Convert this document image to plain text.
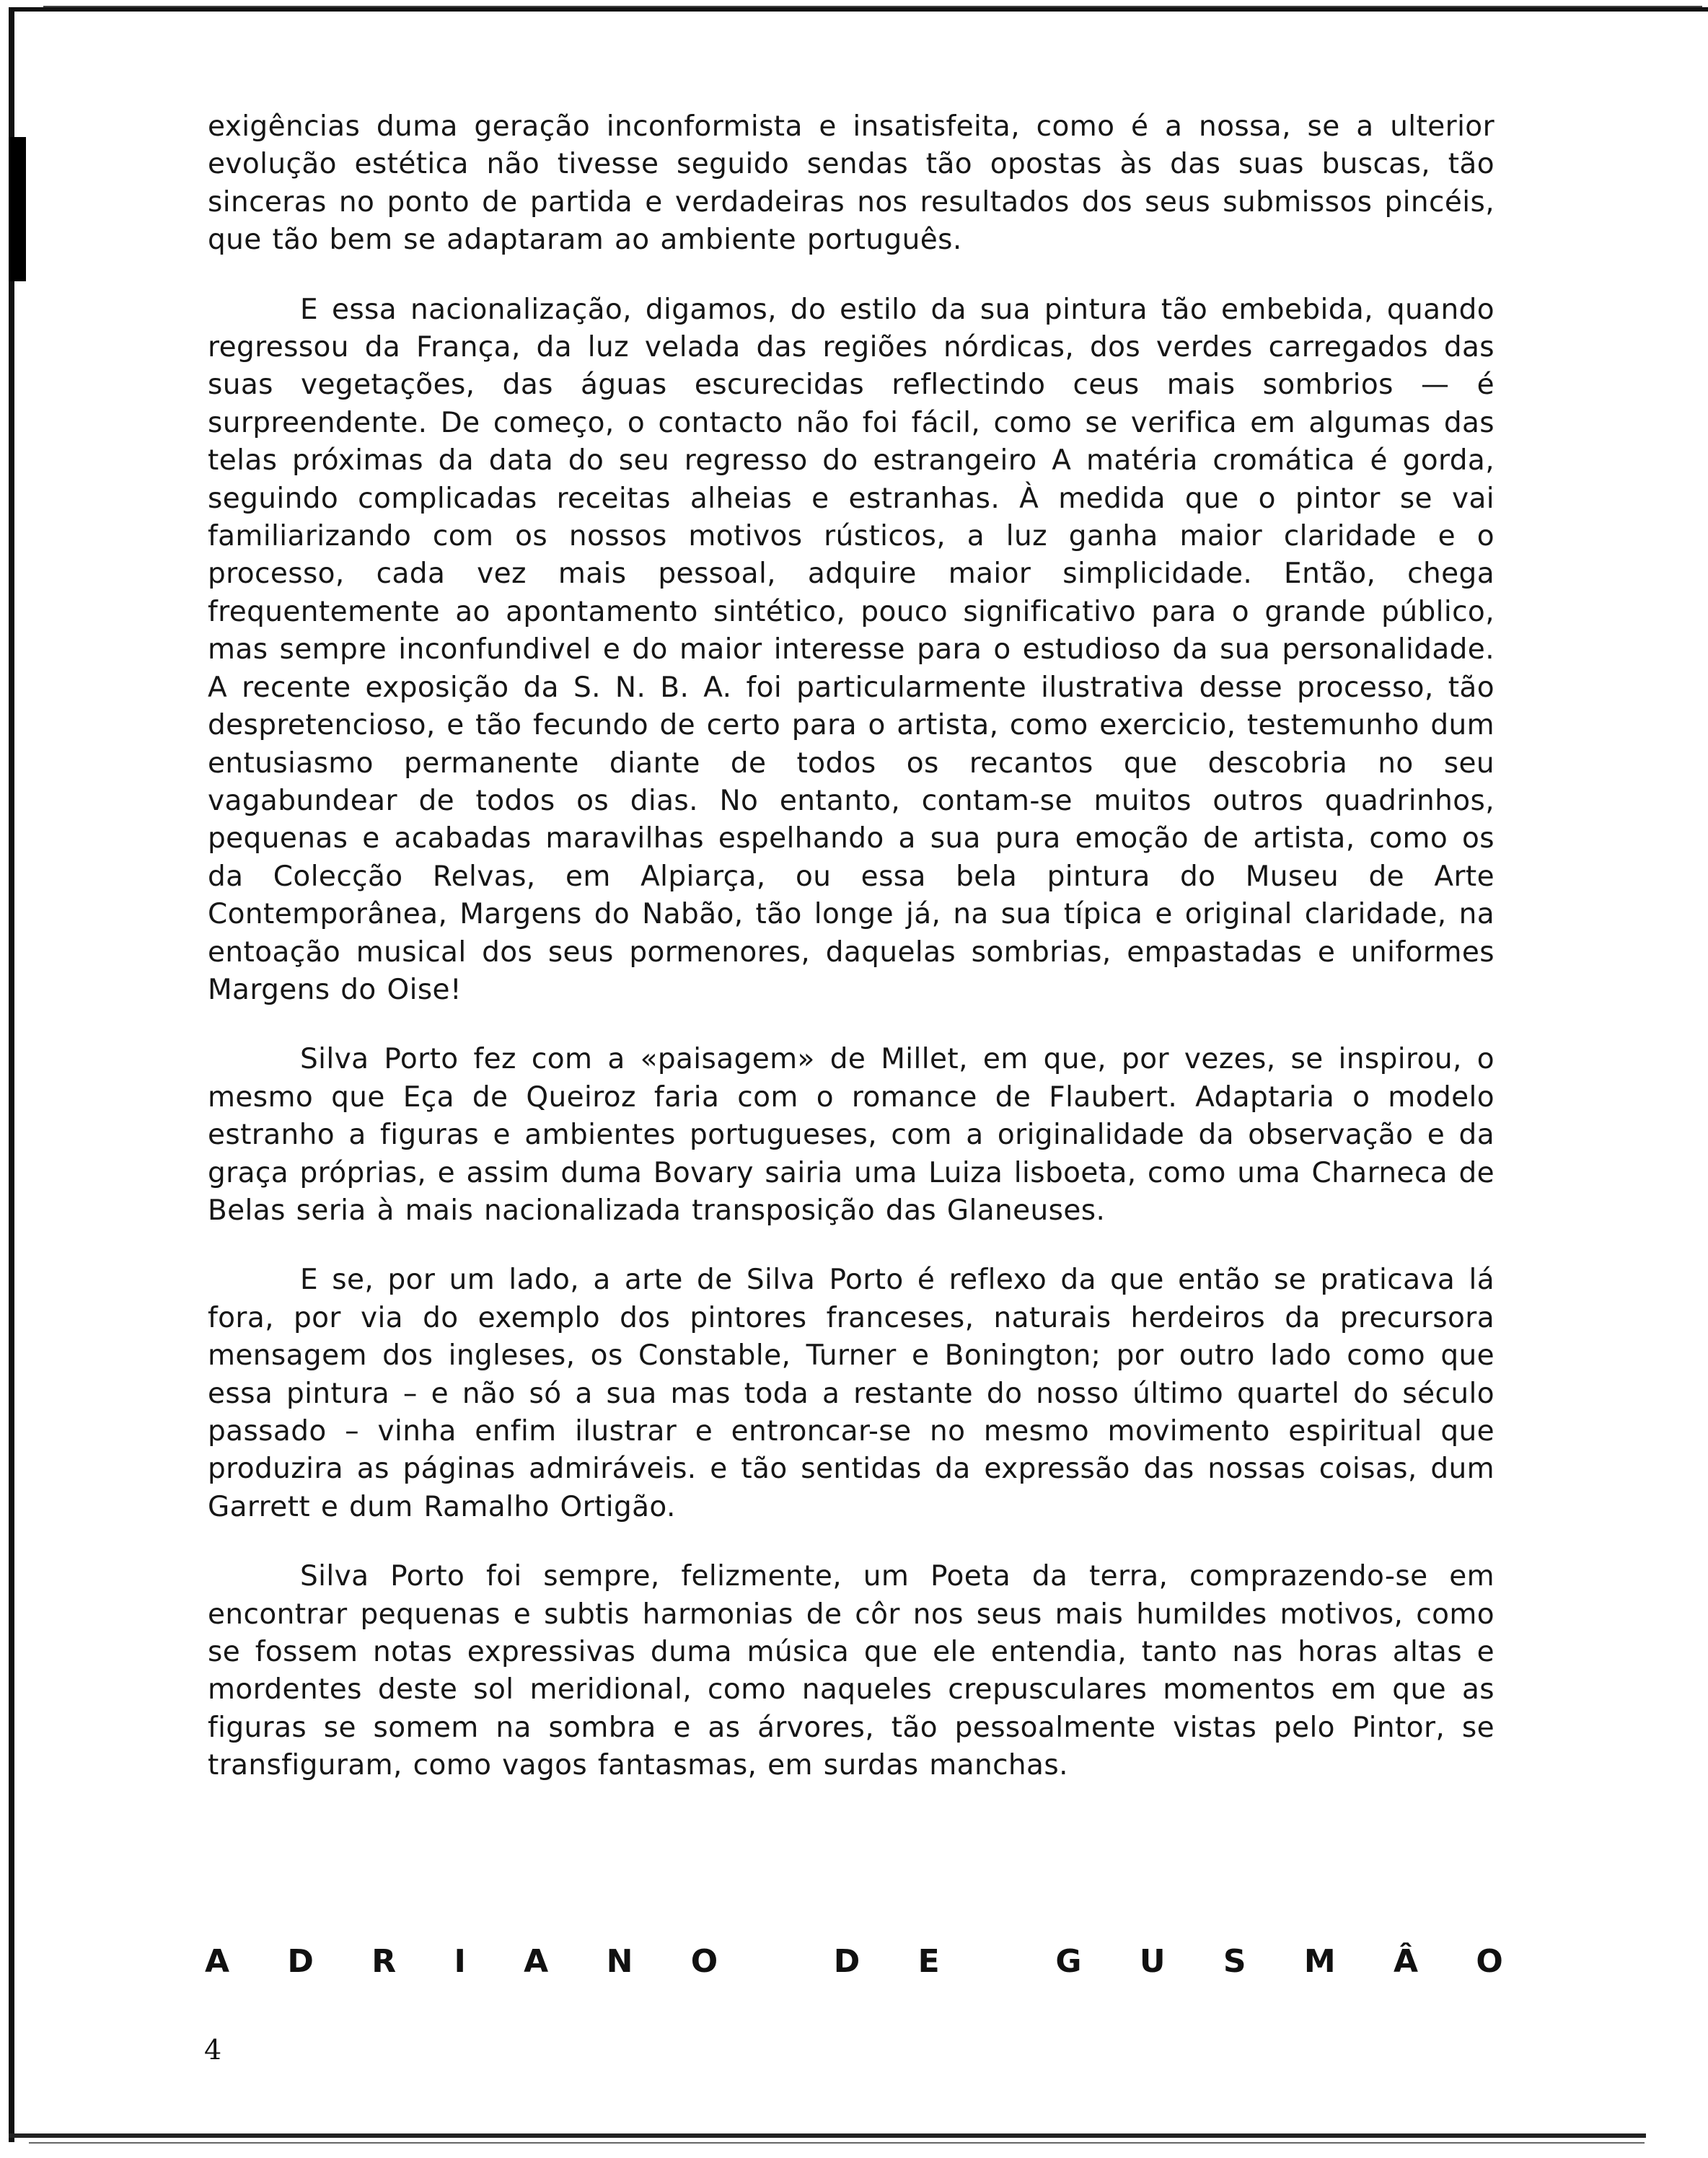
exigências duma geração inconformista e insatisfeita, como é a nossa, se a ulterior evolução estética não tivesse seguido sendas tão opostas às das suas buscas, tão sinceras no ponto de partida e verdadeiras nos resultados dos seus submissos pincéis, que tão bem se adaptaram ao ambiente português.

E essa nacionalização, digamos, do estilo da sua pintura tão embebida, quando regressou da França, da luz velada das regiões nórdicas, dos verdes carregados das suas vegetações, das águas escurecidas reflectindo ceus mais sombrios — é surpreendente. De começo, o contacto não foi fácil, como se verifica em algumas das telas próximas da data do seu regresso do estrangeiro A matéria cromática é gorda, seguindo complicadas receitas alheias e estranhas. À medida que o pintor se vai familiarizando com os nossos motivos rústicos, a luz ganha maior claridade e o processo, cada vez mais pessoal, adquire maior simplicidade. Então, chega frequentemente ao apontamento sintético, pouco significativo para o grande público, mas sempre inconfundivel e do maior interesse para o estudioso da sua personalidade. A recente exposição da S. N. B. A. foi particularmente ilustrativa desse processo, tão despretencioso, e tão fecundo de certo para o artista, como exercicio, testemunho dum entusiasmo permanente diante de todos os recantos que descobria no seu vagabundear de todos os dias. No entanto, contam-se muitos outros quadrinhos, pequenas e acabadas maravilhas espelhando a sua pura emoção de artista, como os da Colecção Relvas, em Alpiarça, ou essa bela pintura do Museu de Arte Contemporânea, Margens do Nabão, tão longe já, na sua típica e original claridade, na entoação musical dos seus pormenores, daquelas sombrias, empastadas e uniformes Margens do Oise!

Silva Porto fez com a «paisagem» de Millet, em que, por vezes, se inspirou, o mesmo que Eça de Queiroz faria com o romance de Flaubert. Adaptaria o modelo estranho a figuras e ambientes portugueses, com a originalidade da observação e da graça próprias, e assim duma Bovary sairia uma Luiza lisboeta, como uma Charneca de Belas seria à mais nacionalizada transposição das Glaneuses.

E se, por um lado, a arte de Silva Porto é reflexo da que então se praticava lá fora, por via do exemplo dos pintores franceses, naturais herdeiros da precursora mensagem dos ingleses, os Constable, Turner e Bonington; por outro lado como que essa pintura – e não só a sua mas toda a restante do nosso último quartel do século passado – vinha enfim ilustrar e entroncar-se no mesmo movimento espiritual que produzira as páginas admiráveis. e tão sentidas da expressão das nossas coisas, dum Garrett e dum Ramalho Ortigão.

Silva Porto foi sempre, felizmente, um Poeta da terra, comprazendo-se em encontrar pequenas e subtis harmonias de côr nos seus mais humildes motivos, como se fossem notas expressivas duma música que ele entendia, tanto nas horas altas e mordentes deste sol meridional, como naqueles crepusculares momentos em que as figuras se somem na sombra e as árvores, tão pessoalmente vistas pelo Pintor, se transfiguram, como vagos fantasmas, em surdas manchas.

A D R I A N O	D E	G U S M Â O
4
